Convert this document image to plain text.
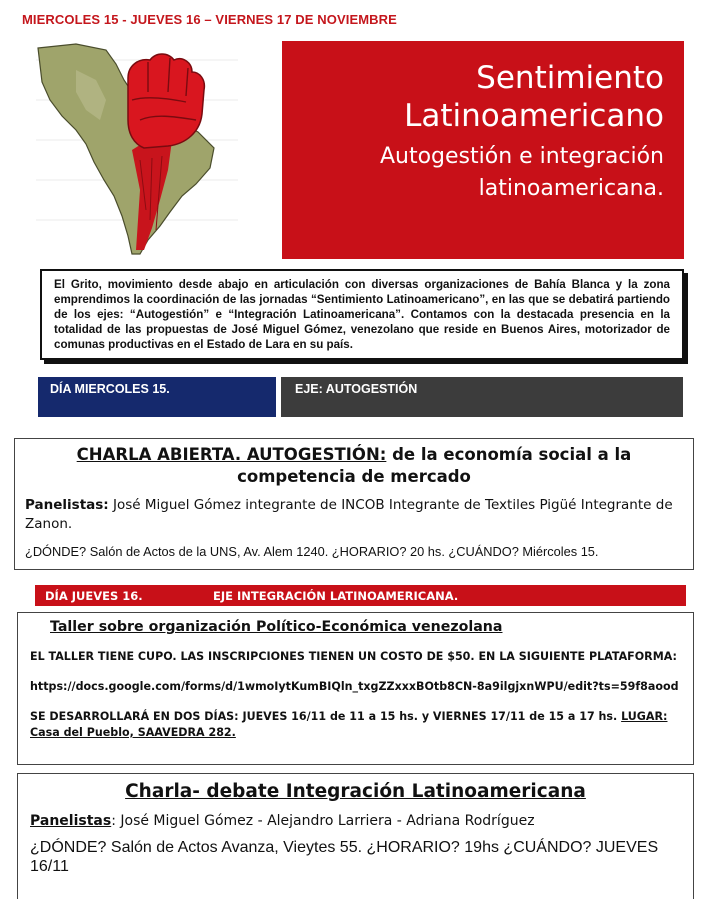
MIERCOLES 15 - JUEVES 16 – VIERNES 17 DE NOVIEMBRE
Sentimiento
Latinoamericano
Autogestión e integración
latinoamericana.
El Grito, movimiento desde abajo en articulación con diversas organizaciones de Bahía Blanca y la zona emprendimos la coordinación de las jornadas “Sentimiento Latinoamericano”, en las que se debatirá partiendo de los ejes: “Autogestión” e “Integración Latinoamericana”. Contamos con la destacada presencia en la totalidad de las propuestas de José Miguel Gómez, venezolano que reside en Buenos Aires, motorizador de comunas productivas en el Estado de Lara en su país.
DÍA MIERCOLES 15.	EJE: AUTOGESTIÓN
CHARLA ABIERTA. AUTOGESTIÓN: de la economía social a la competencia de mercado
Panelistas: José Miguel Gómez integrante de INCOB Integrante de Textiles Pigüé Integrante de Zanon.
¿DÓNDE? Salón de Actos de la UNS, Av. Alem 1240. ¿HORARIO? 20 hs. ¿CUÁNDO? Miércoles 15.
DÍA JUEVES 16.	EJE INTEGRACIÓN LATINOAMERICANA.
Taller sobre organización Político-Económica venezolana
EL TALLER TIENE CUPO. LAS INSCRIPCIONES TIENEN UN COSTO DE $50. EN LA SIGUIENTE PLATAFORMA:
https://docs.google.com/forms/d/1wmoIytKumBIQln_txgZZxxxBOtb8CN-8a9ilgjxnWPU/edit?ts=59f8aood
SE DESARROLLARÁ EN DOS DÍAS: JUEVES 16/11 de 11 a 15 hs. y VIERNES 17/11 de 15 a 17 hs. LUGAR: Casa del Pueblo, SAAVEDRA 282.
Charla- debate Integración Latinoamericana
Panelistas: José Miguel Gómez - Alejandro Larriera - Adriana Rodríguez
¿DÓNDE? Salón de Actos Avanza, Vieytes 55. ¿HORARIO? 19hs ¿CUÁNDO? JUEVES 16/11
